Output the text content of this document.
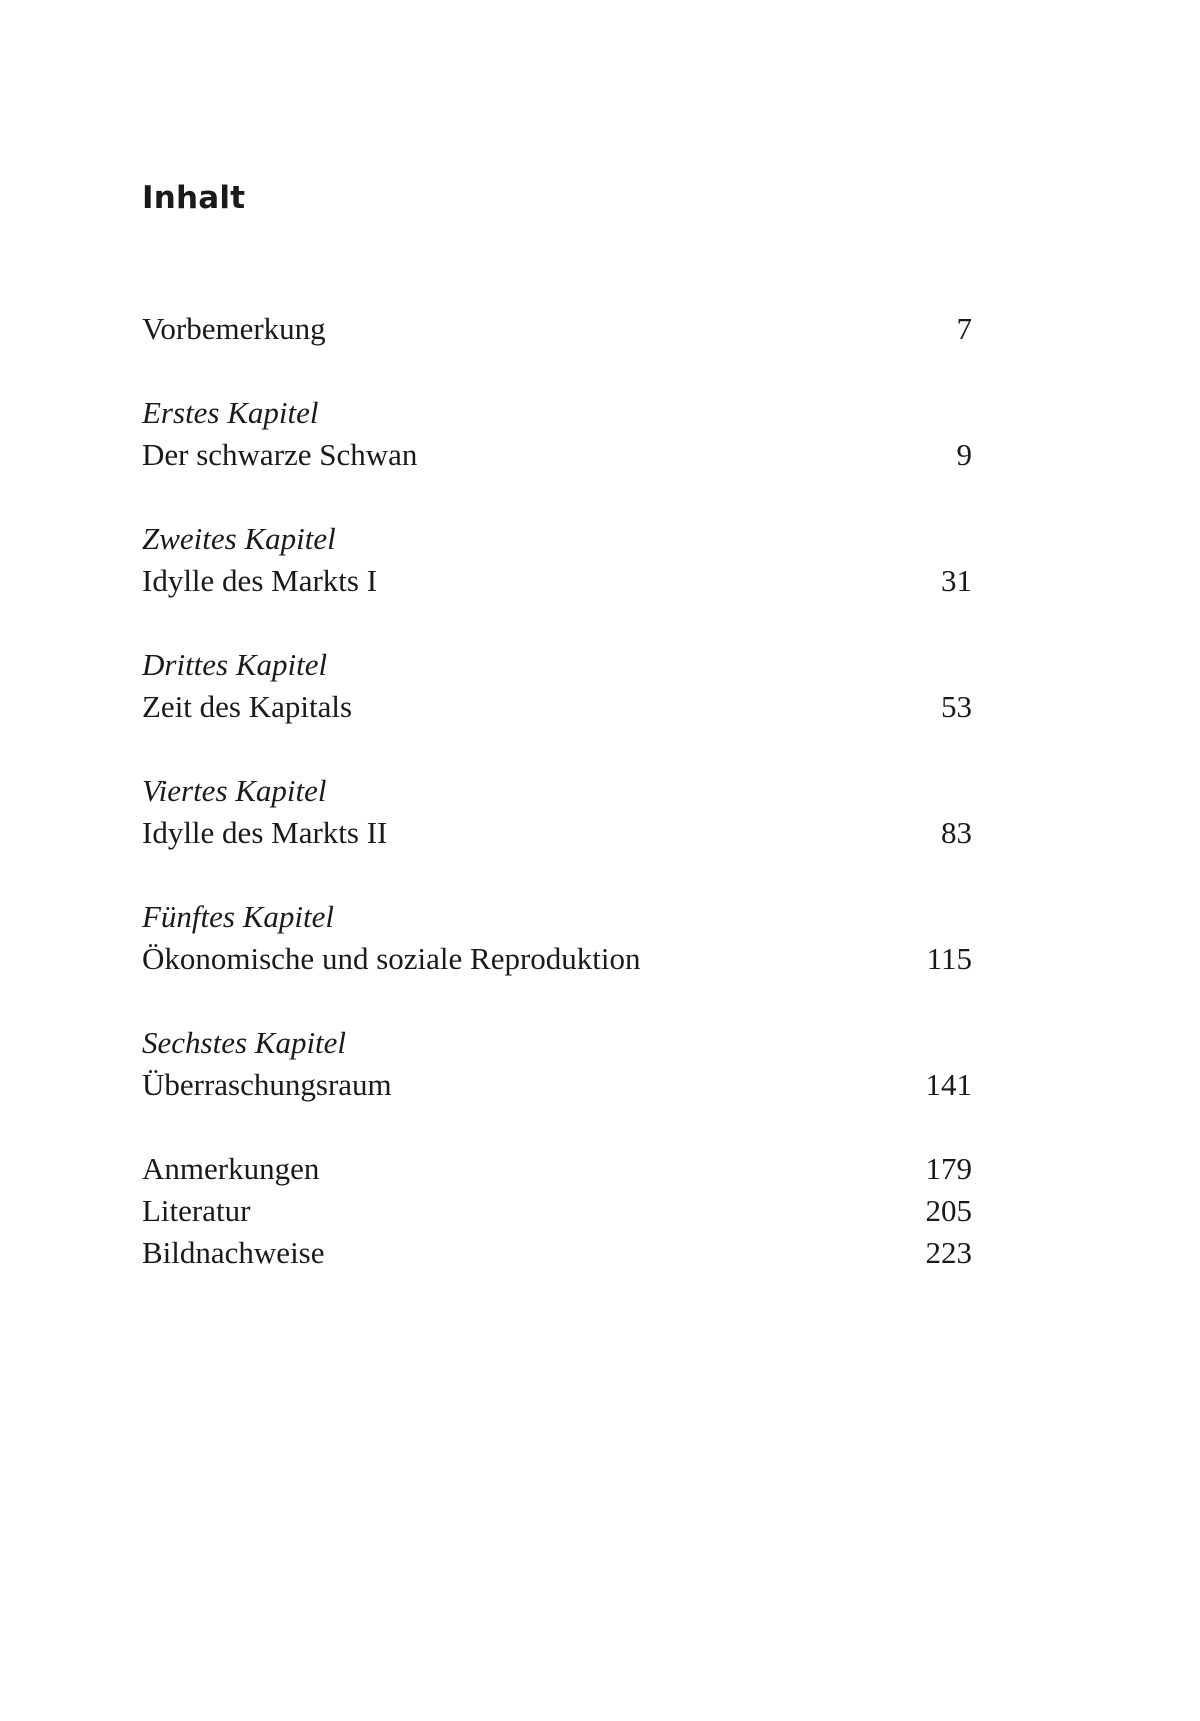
Inhalt
Vorbemerkung	7
Erstes Kapitel
Der schwarze Schwan	9
Zweites Kapitel
Idylle des Markts I	31
Drittes Kapitel
Zeit des Kapitals	53
Viertes Kapitel
Idylle des Markts II	83
Fünftes Kapitel
Ökonomische und soziale Reproduktion	115
Sechstes Kapitel
Überraschungsraum	141
Anmerkungen	179
Literatur	205
Bildnachweise	223
